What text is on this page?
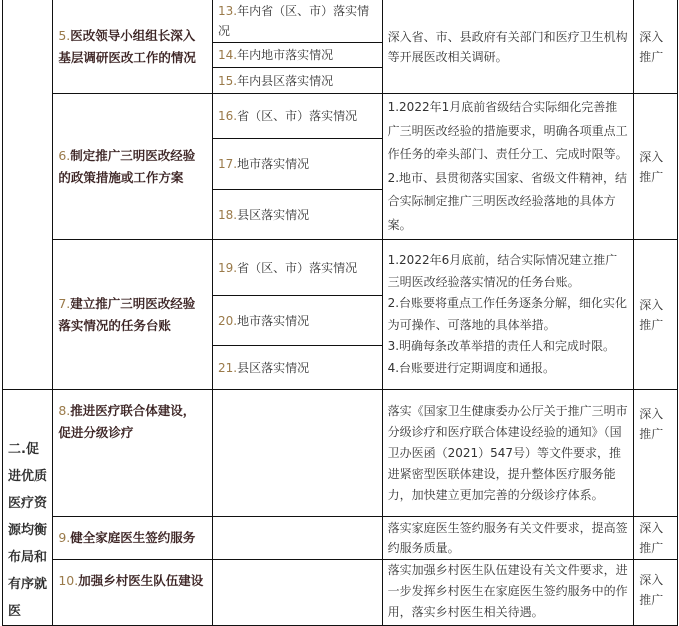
	5.医改领导小组组长深入基层调研医改工作的情况	13.年内省（区、市）落实情况	深入省、市、县政府有关部门和医疗卫生机构等开展医改相关调研。	深入推广
		14.年内地市落实情况		
		15.年内县区落实情况		
	6.制定推广三明医改经验的政策措施或工作方案	16.省（区、市）落实情况	1.2022年1月底前省级结合实际细化完善推广三明医改经验的措施要求，明确各项重点工作任务的牵头部门、责任分工、完成时限等。

2.地市、县贯彻落实国家、省级文件精神，结合实际制定推广三明医改经验落地的具体方案。	深入推广
		17.地市落实情况		
		18.县区落实情况		
	7.建立推广三明医改经验落实情况的任务台账	19.省（区、市）落实情况	1.2022年6月底前，结合实际情况建立推广三明医改经验落实情况的任务台账。

2.台账要将重点工作任务逐条分解，细化实化为可操作、可落地的具体举措。

3.明确每条改革举措的责任人和完成时限。

4.台账要进行定期调度和通报。	深入推广
		20.地市落实情况		
		21.县区落实情况		
二.促进优质医疗资源均衡布局和有序就医	8.推进医疗联合体建设，促进分级诊疗		落实《国家卫生健康委办公厅关于推广三明市分级诊疗和医疗联合体建设经验的通知》（国卫办医函（2021）547号）等文件要求，推进紧密型医联体建设，提升整体医疗服务能力，加快建立更加完善的分级诊疗体系。	深入推广
	9.健全家庭医生签约服务		落实家庭医生签约服务有关文件要求，提高签约服务质量。	深入推广
	10.加强乡村医生队伍建设		落实加强乡村医生队伍建设有关文件要求，进一步发挥乡村医生在家庭医生签约服务中的作用，落实乡村医生相关待遇。	深入推广
